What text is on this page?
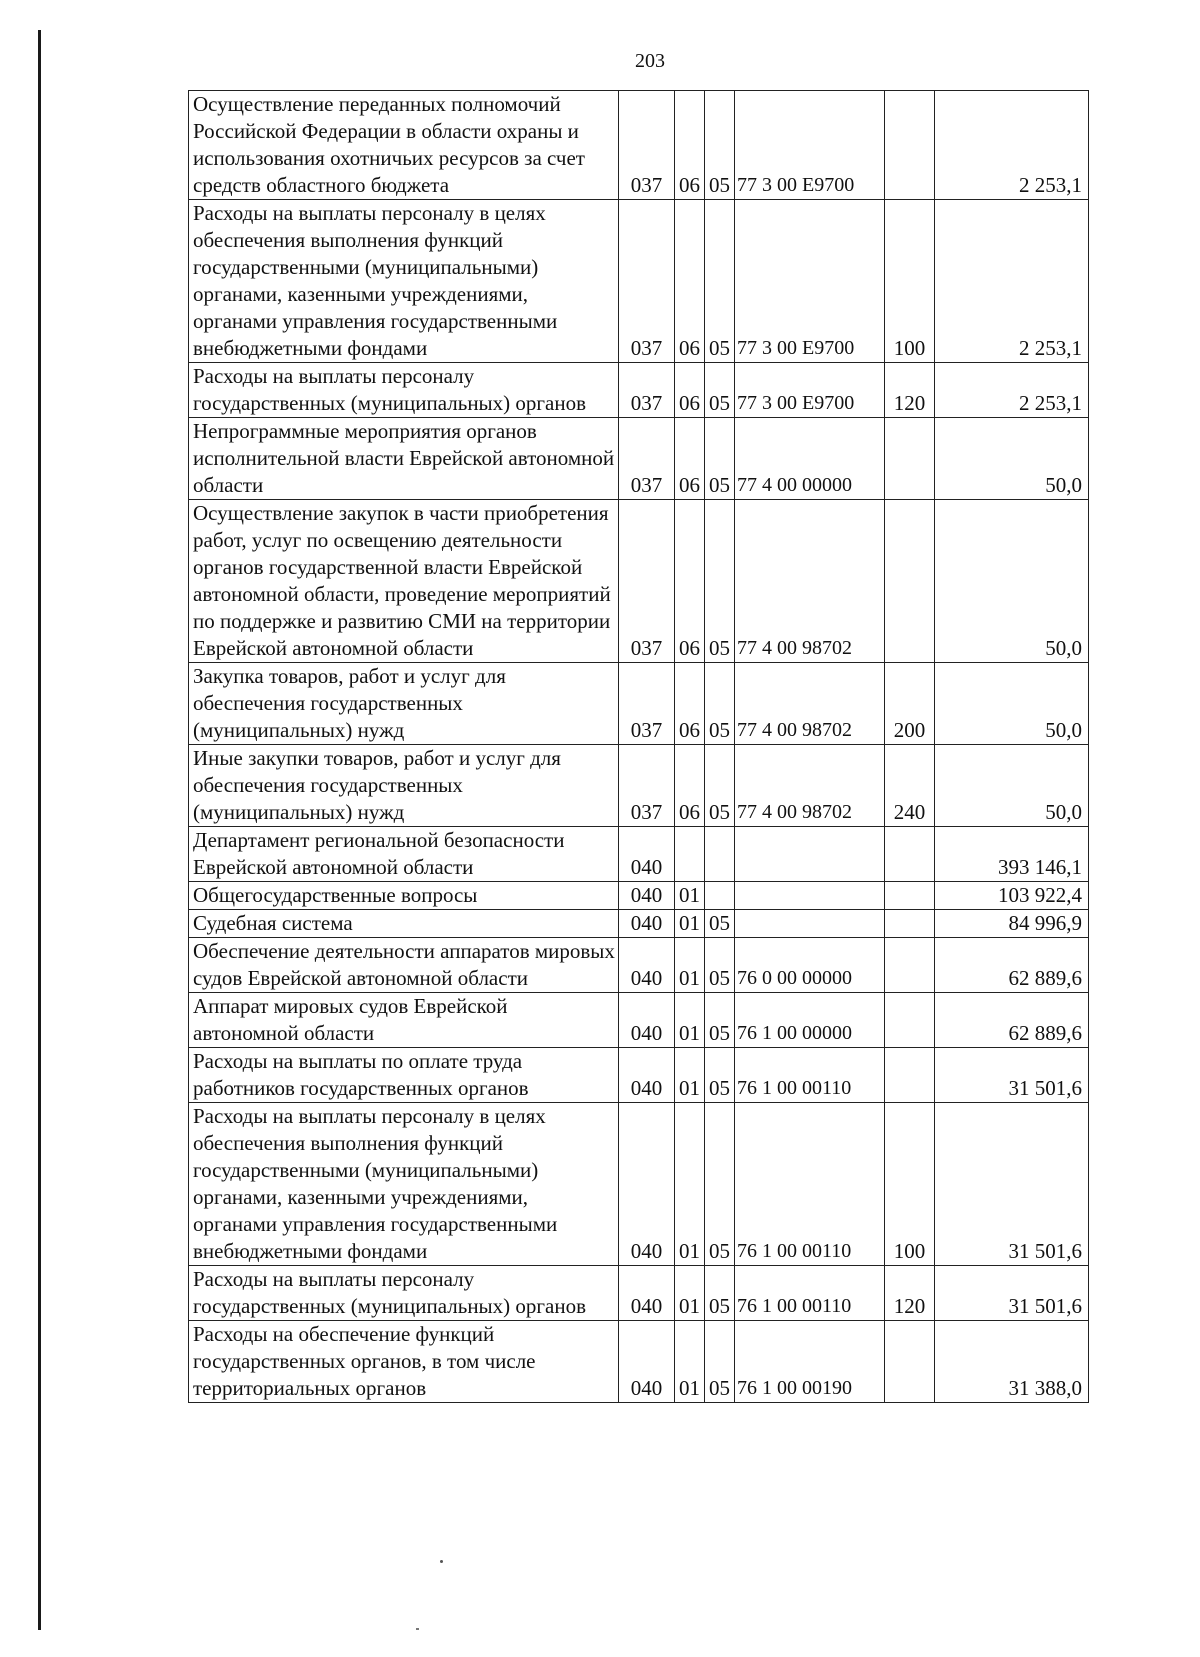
203
Осуществление переданных полномочий Российской Федерации в области охраны и использования охотничьих ресурсов за счет средств областного бюджета	037	06	05	77 3 00 E9700		2 253,1
Расходы на выплаты персоналу в целях обеспечения выполнения функций государственными (муниципальными) органами, казенными учреждениями, органами управления государственными внебюджетными фондами	037	06	05	77 3 00 E9700	100	2 253,1
Расходы на выплаты персоналу государственных (муниципальных) органов	037	06	05	77 3 00 E9700	120	2 253,1
Непрограммные мероприятия органов исполнительной власти Еврейской автономной области	037	06	05	77 4 00 00000		50,0
Осуществление закупок в части приобретения работ, услуг по освещению деятельности органов государственной власти Еврейской автономной области, проведение мероприятий по поддержке и развитию СМИ на территории Еврейской автономной области	037	06	05	77 4 00 98702		50,0
Закупка товаров, работ и услуг для обеспечения государственных (муниципальных) нужд	037	06	05	77 4 00 98702	200	50,0
Иные закупки товаров, работ и услуг для обеспечения государственных (муниципальных) нужд	037	06	05	77 4 00 98702	240	50,0
Департамент региональной безопасности Еврейской автономной области	040					393 146,1
Общегосударственные вопросы	040	01				103 922,4
Судебная система	040	01	05			84 996,9
Обеспечение деятельности аппаратов мировых судов Еврейской автономной области	040	01	05	76 0 00 00000		62 889,6
Аппарат мировых судов Еврейской автономной области	040	01	05	76 1 00 00000		62 889,6
Расходы на выплаты по оплате труда работников государственных органов	040	01	05	76 1 00 00110		31 501,6
Расходы на выплаты персоналу в целях обеспечения выполнения функций государственными (муниципальными) органами, казенными учреждениями, органами управления государственными внебюджетными фондами	040	01	05	76 1 00 00110	100	31 501,6
Расходы на выплаты персоналу государственных (муниципальных) органов	040	01	05	76 1 00 00110	120	31 501,6
Расходы на обеспечение функций государственных органов, в том числе территориальных органов	040	01	05	76 1 00 00190		31 388,0
